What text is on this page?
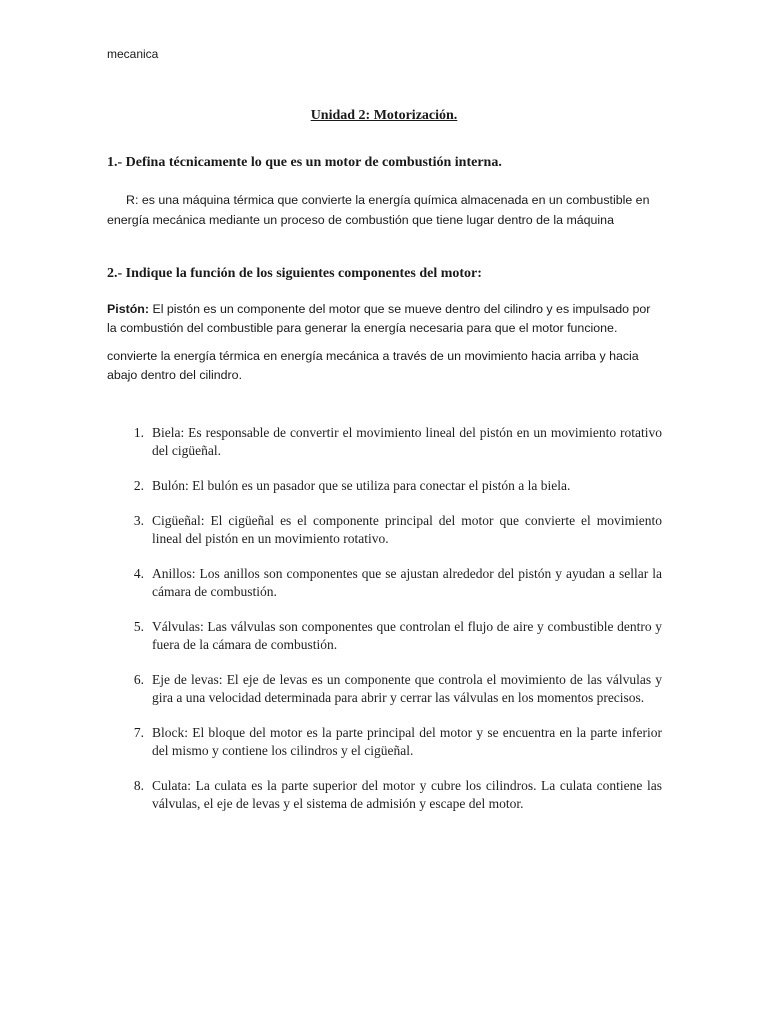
mecanica
Unidad 2: Motorización.
1.- Defina técnicamente lo que es un motor de combustión interna.
R: es una máquina térmica que convierte la energía química almacenada en un combustible en energía mecánica mediante un proceso de combustión que tiene lugar dentro de la máquina
2.- Indique la función de los siguientes componentes del motor:
Pistón: El pistón es un componente del motor que se mueve dentro del cilindro y es impulsado por la combustión del combustible para generar la energía necesaria para que el motor funcione.
convierte la energía térmica en energía mecánica a través de un movimiento hacia arriba y hacia abajo dentro del cilindro.
1. Biela: Es responsable de convertir el movimiento lineal del pistón en un movimiento rotativo del cigüeñal.
2. Bulón: El bulón es un pasador que se utiliza para conectar el pistón a la biela.
3. Cigüeñal: El cigüeñal es el componente principal del motor que convierte el movimiento lineal del pistón en un movimiento rotativo.
4. Anillos: Los anillos son componentes que se ajustan alrededor del pistón y ayudan a sellar la cámara de combustión.
5. Válvulas: Las válvulas son componentes que controlan el flujo de aire y combustible dentro y fuera de la cámara de combustión.
6. Eje de levas: El eje de levas es un componente que controla el movimiento de las válvulas y gira a una velocidad determinada para abrir y cerrar las válvulas en los momentos precisos.
7. Block: El bloque del motor es la parte principal del motor y se encuentra en la parte inferior del mismo y contiene los cilindros y el cigüeñal.
8. Culata: La culata es la parte superior del motor y cubre los cilindros. La culata contiene las válvulas, el eje de levas y el sistema de admisión y escape del motor.
